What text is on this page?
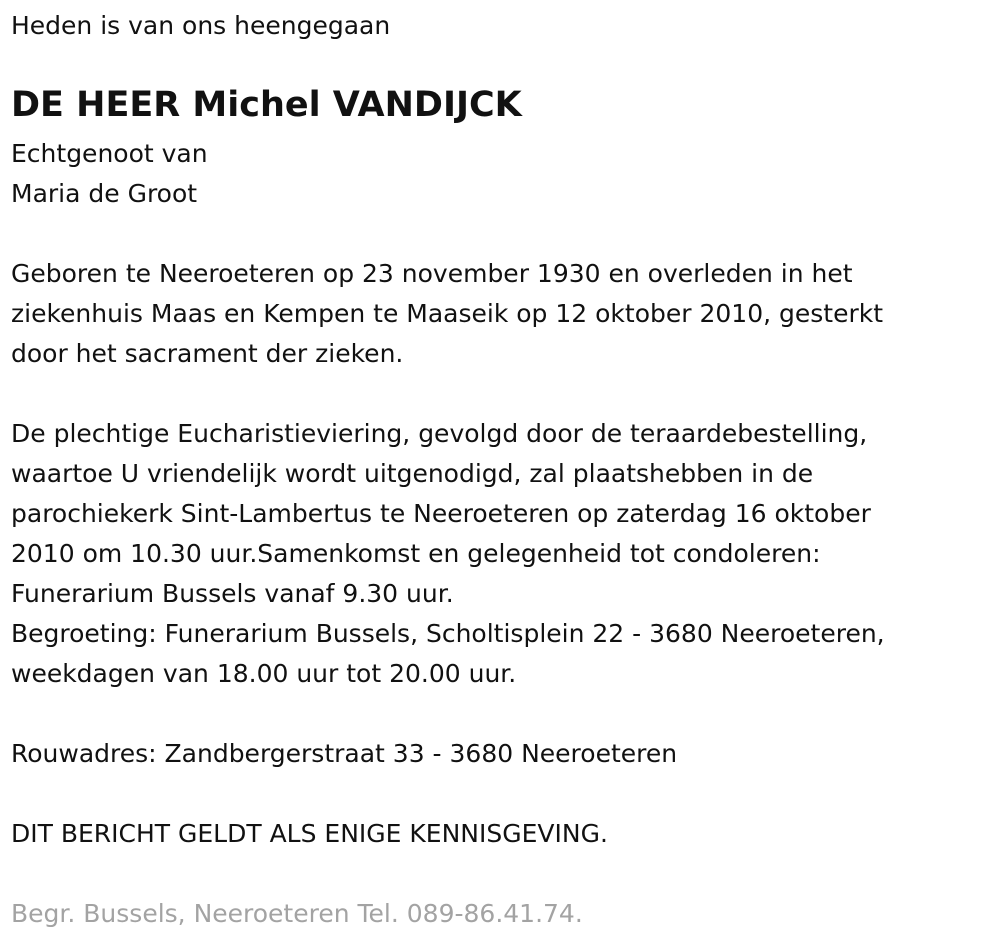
Heden is van ons heengegaan
DE HEER Michel VANDIJCK
Echtgenoot van
Maria de Groot
Geboren te Neeroeteren op 23 november 1930 en overleden in het
ziekenhuis Maas en Kempen te Maaseik op 12 oktober 2010, gesterkt
door het sacrament der zieken.
De plechtige Eucharistieviering, gevolgd door de teraardebestelling,
waartoe U vriendelijk wordt uitgenodigd, zal plaatshebben in de
parochiekerk Sint-Lambertus te Neeroeteren op zaterdag 16 oktober
2010 om 10.30 uur.Samenkomst en gelegenheid tot condoleren:
Funerarium Bussels vanaf 9.30 uur.
Begroeting: Funerarium Bussels, Scholtisplein 22 - 3680 Neeroeteren,
weekdagen van 18.00 uur tot 20.00 uur.
Rouwadres: Zandbergerstraat 33 - 3680 Neeroeteren
DIT BERICHT GELDT ALS ENIGE KENNISGEVING.
Begr. Bussels, Neeroeteren Tel. 089-86.41.74.
